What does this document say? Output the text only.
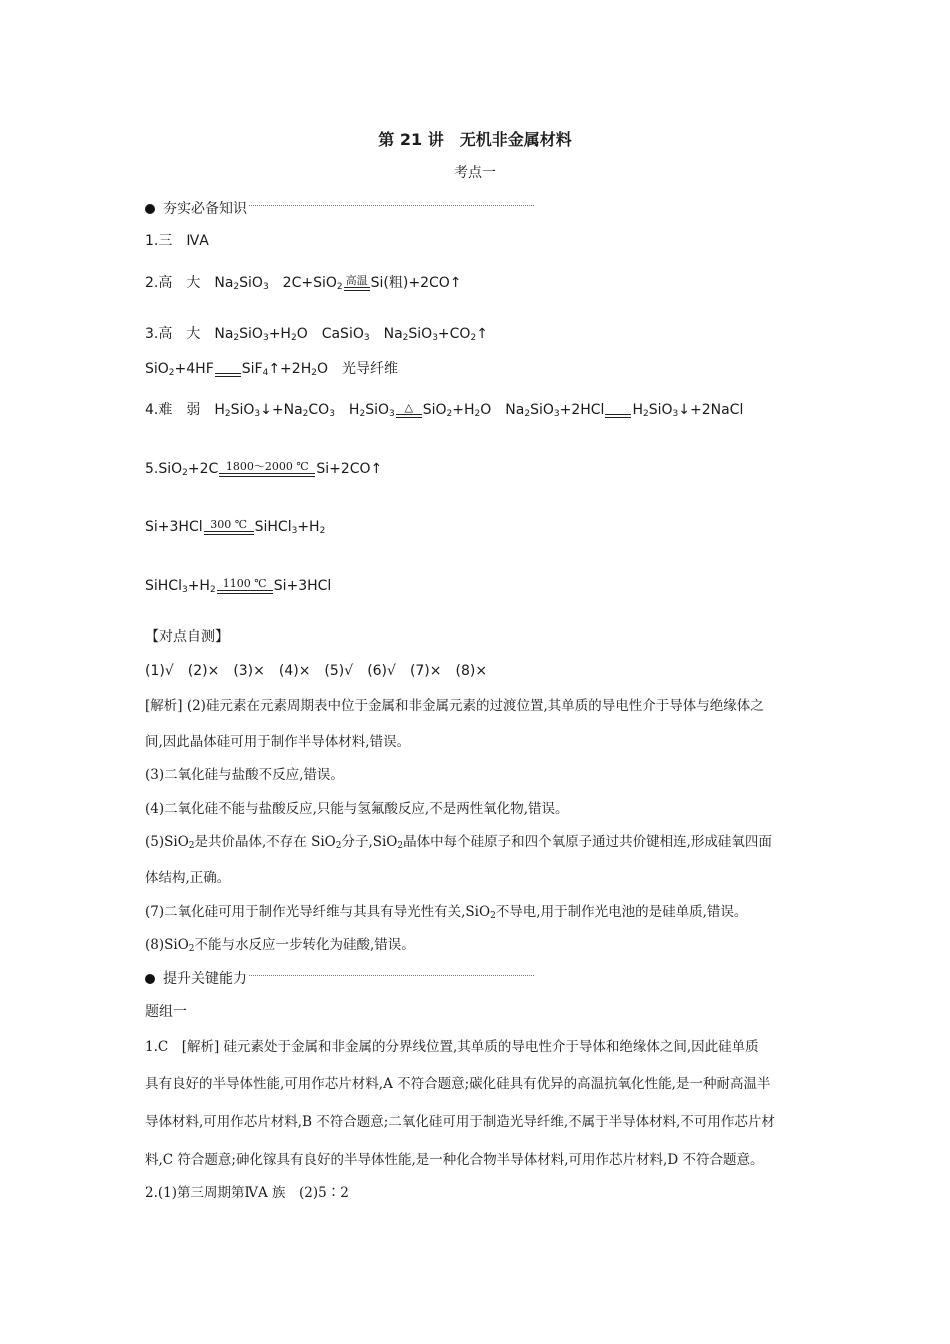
第 21 讲　无机非金属材料
考点一
夯实必备知识
1.三　ⅣA
2.高　大　$Na_2SiO_3$　2C+SiO$_2$ 高温 Si(粗)+2CO↑
3.高　大　$Na_2SiO_3+H_2O$　CaSiO$_3$　$Na_2SiO_3+CO_2↑$
SiO$_2$+4HF $SiF_4↑+2H_2O$　光导纤维
4.难　弱　$H_2SiO_3↓+Na_2CO_3$　$H_2SiO_3$ △ $SiO_2+H_2O$　$Na_2SiO_3+2HCl$ $H_2SiO_3↓+2NaCl$
5.SiO$_2$+2C 1800～2000 ℃ Si+2CO↑
Si+3HCl 300 ℃ $SiHCl_3+H_2$
$SiHCl_3+H_2$ 1100 ℃ Si+3HCl
【对点自测】
(1)√　(2)×　(3)×　(4)×　(5)√　(6)√　(7)×　(8)×
[解析] (2)硅元素在元素周期表中位于金属和非金属元素的过渡位置,其单质的导电性介于导体与绝缘体之
间,因此晶体硅可用于制作半导体材料,错误。
(3)二氧化硅与盐酸不反应,错误。
(4)二氧化硅不能与盐酸反应,只能与氢氟酸反应,不是两性氧化物,错误。
(5)SiO$_2$是共价晶体,不存在 SiO$_2$分子,SiO$_2$晶体中每个硅原子和四个氧原子通过共价键相连,形成硅氧四面
体结构,正确。
(7)二氧化硅可用于制作光导纤维与其具有导光性有关,SiO$_2$不导电,用于制作光电池的是硅单质,错误。
(8)SiO$_2$不能与水反应一步转化为硅酸,错误。
提升关键能力
题组一
1.C　[解析] 硅元素处于金属和非金属的分界线位置,其单质的导电性介于导体和绝缘体之间,因此硅单质
具有良好的半导体性能,可用作芯片材料,A 不符合题意;碳化硅具有优异的高温抗氧化性能,是一种耐高温半
导体材料,可用作芯片材料,B 不符合题意;二氧化硅可用于制造光导纤维,不属于半导体材料,不可用作芯片材
料,C 符合题意;砷化镓具有良好的半导体性能,是一种化合物半导体材料,可用作芯片材料,D 不符合题意。
2.(1)第三周期第ⅣA 族　(2)5∶2
